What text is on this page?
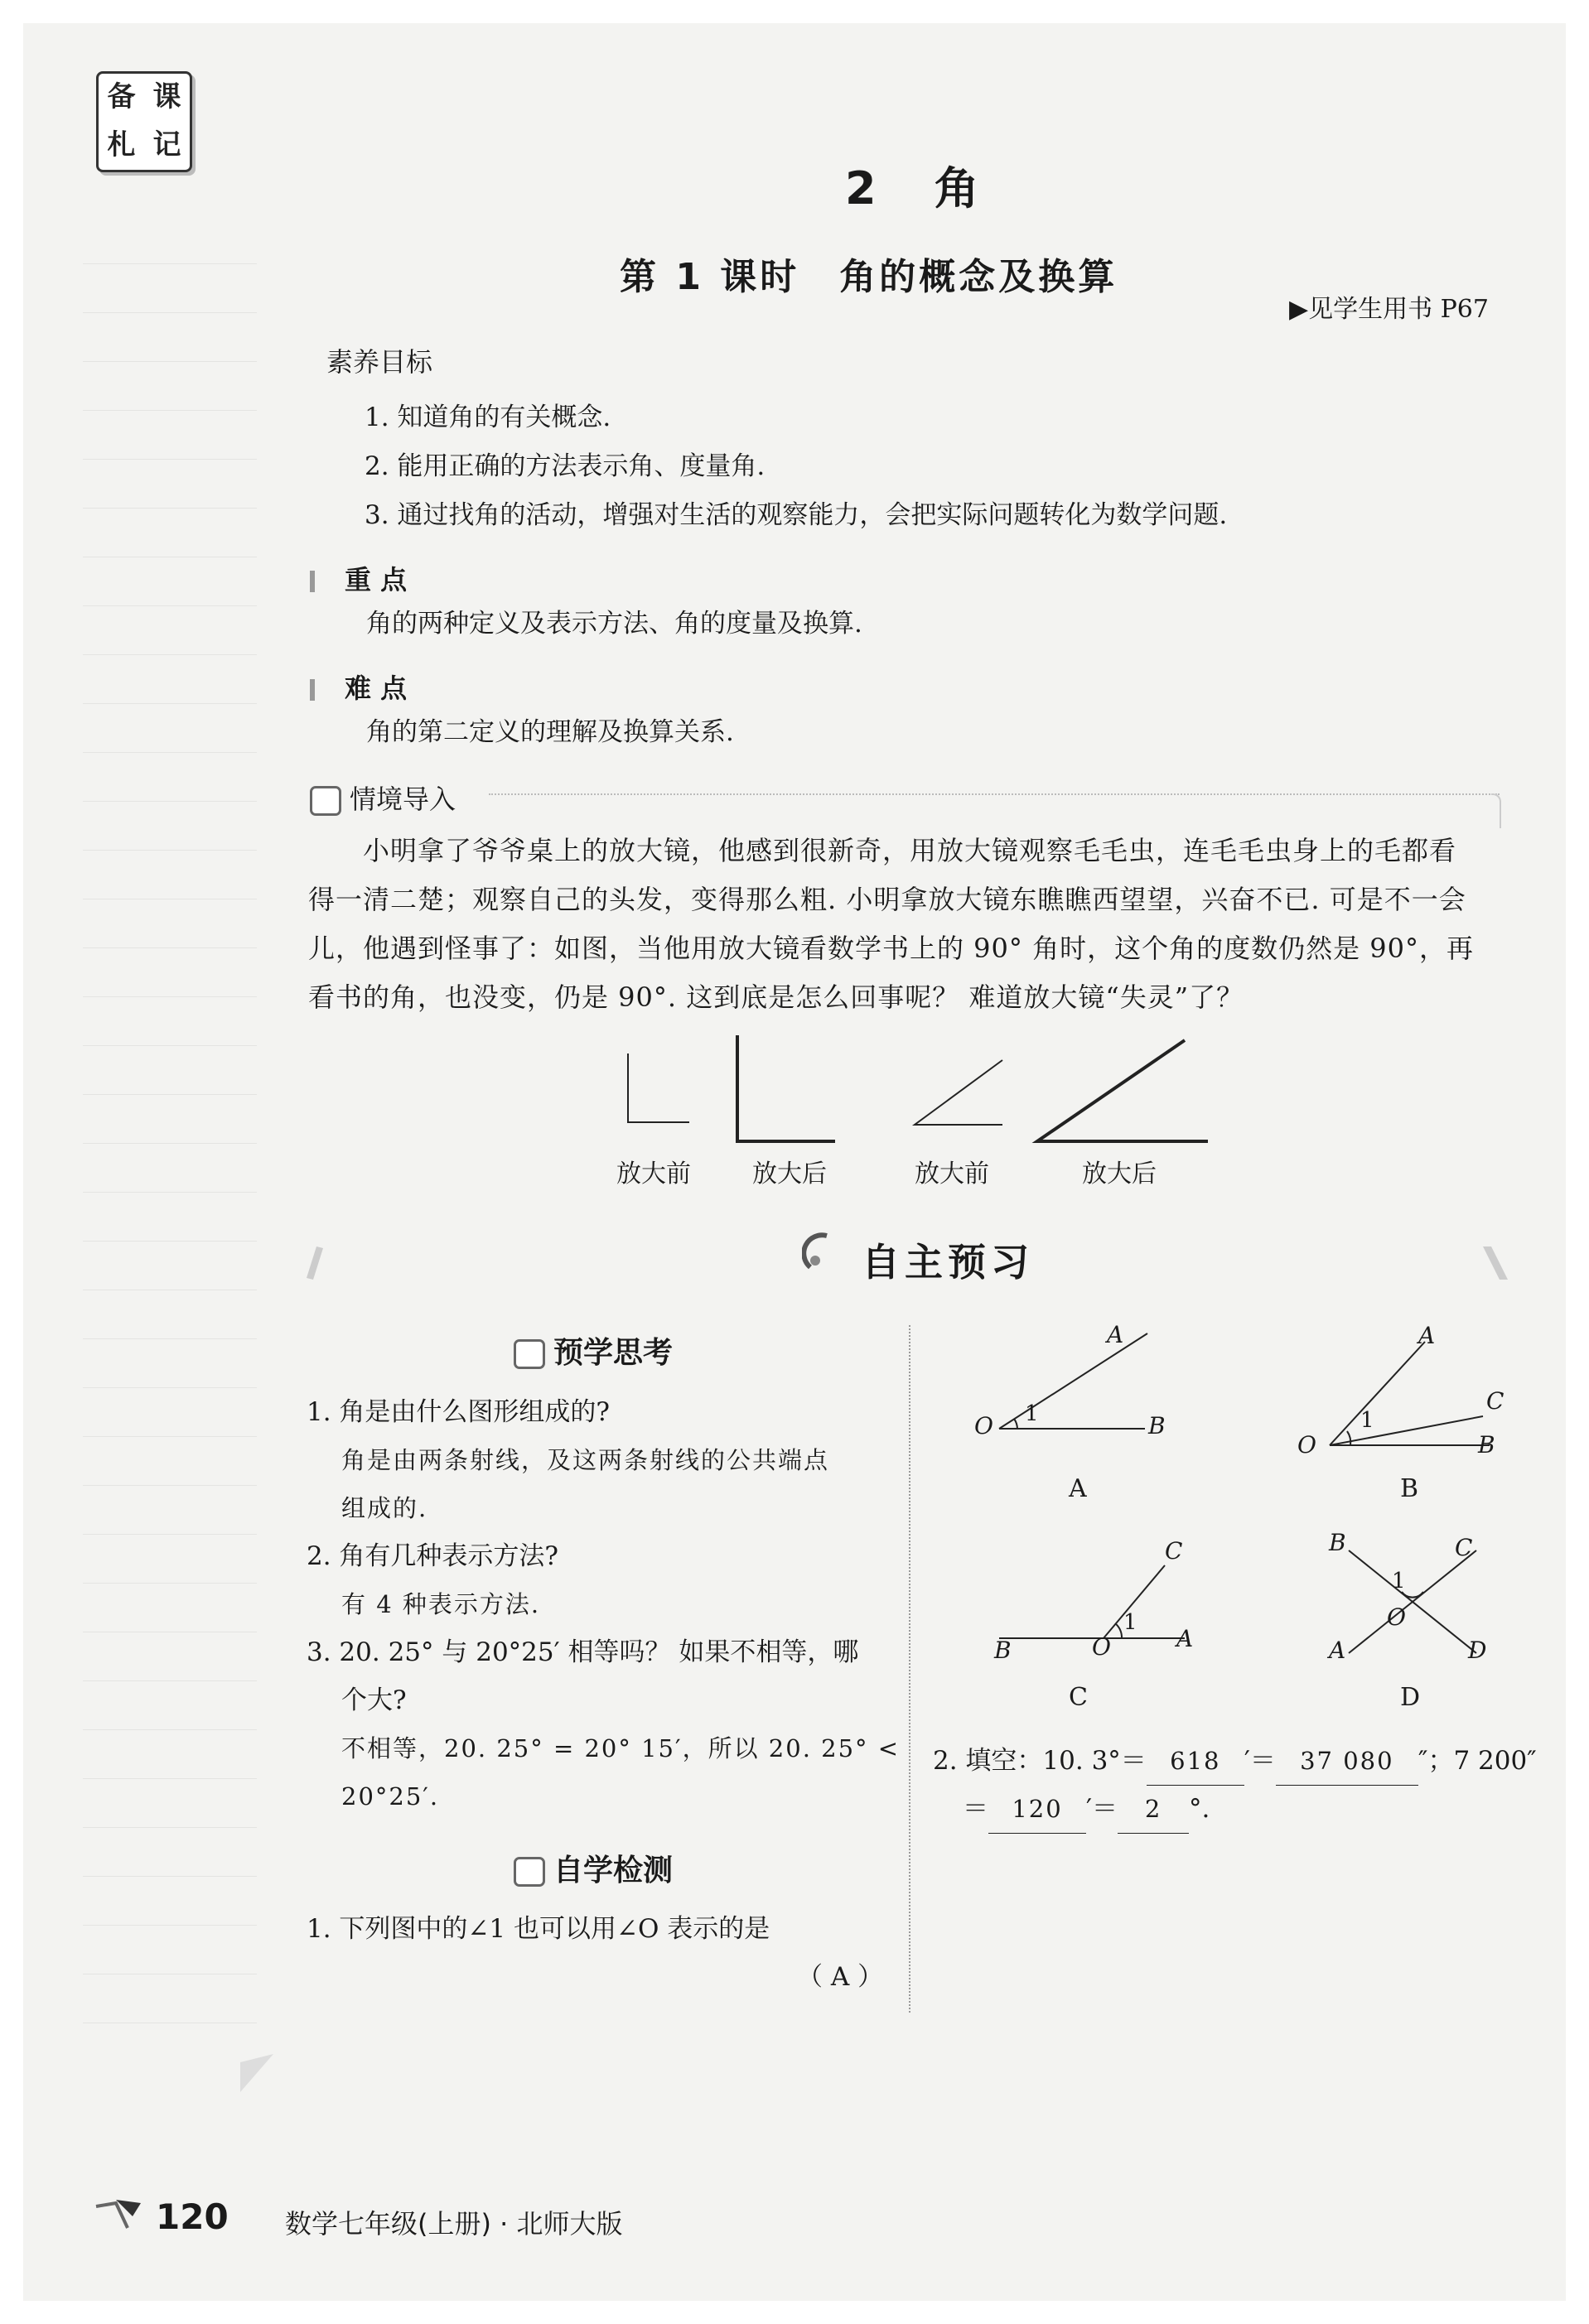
备 课
札 记
2　角
第 1 课时　角的概念及换算
▶见学生用书 P67
素养目标
1. 知道角的有关概念.
2. 能用正确的方法表示角、度量角.
3. 通过找角的活动，增强对生活的观察能力，会把实际问题转化为数学问题.
重 点
角的两种定义及表示方法、角的度量及换算.
难 点
角的第二定义的理解及换算关系.
情境导入
　　小明拿了爷爷桌上的放大镜，他感到很新奇，用放大镜观察毛毛虫，连毛毛虫身上的毛都看
得一清二楚；观察自己的头发，变得那么粗. 小明拿放大镜东瞧瞧西望望，兴奋不已. 可是不一会
儿，他遇到怪事了：如图，当他用放大镜看数学书上的 90° 角时，这个角的度数仍然是 90°，再
看书的角，也没变，仍是 90°. 这到底是怎么回事呢？ 难道放大镜“失灵”了？
放大前 放大后	放大前	放大后
自主预习
预学思考
1. 角是由什么图形组成的?
角是由两条射线，及这两条射线的公共端点
组成的.
2. 角有几种表示方法?
有 4 种表示方法.
3. 20. 25° 与 20°25′ 相等吗？ 如果不相等，哪
个大?
不相等，20. 25° = 20° 15′，所以 20. 25° <
20°25′.
自学检测
1. 下列图中的∠1 也可以用∠O 表示的是
（ A ）
A
O	B
1
A
A
C
O	B
1
B
C
B	O	A
1
C
B	C
O
A	D
1
D
2. 填空：10. 3°＝ 618 ′＝ 37 080 ″；7 200″
＝ 120 ′＝ 2 °.
120 数学七年级(上册) · 北师大版
